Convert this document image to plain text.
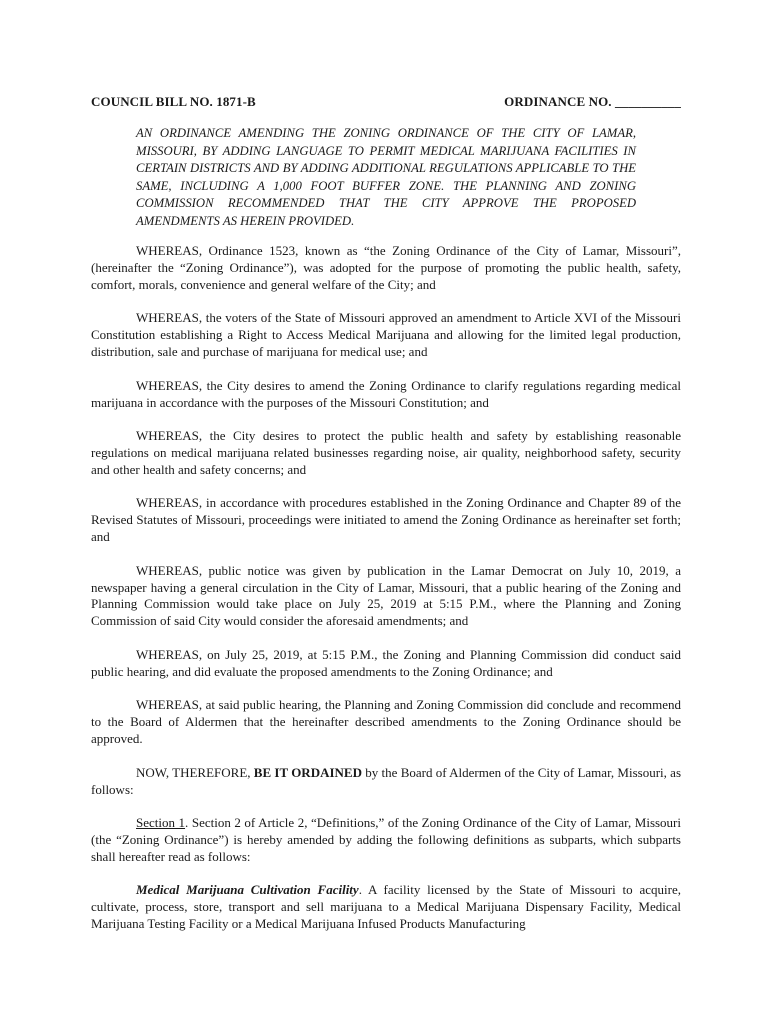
COUNCIL BILL NO. 1871-B	ORDINANCE NO. __________
AN ORDINANCE AMENDING THE ZONING ORDINANCE OF THE CITY OF LAMAR, MISSOURI, BY ADDING LANGUAGE TO PERMIT MEDICAL MARIJUANA FACILITIES IN CERTAIN DISTRICTS AND BY ADDING ADDITIONAL REGULATIONS APPLICABLE TO THE SAME, INCLUDING A 1,000 FOOT BUFFER ZONE. THE PLANNING AND ZONING COMMISSION RECOMMENDED THAT THE CITY APPROVE THE PROPOSED AMENDMENTS AS HEREIN PROVIDED.

WHEREAS, Ordinance 1523, known as “the Zoning Ordinance of the City of Lamar, Missouri”, (hereinafter the “Zoning Ordinance”), was adopted for the purpose of promoting the public health, safety, comfort, morals, convenience and general welfare of the City; and

WHEREAS, the voters of the State of Missouri approved an amendment to Article XVI of the Missouri Constitution establishing a Right to Access Medical Marijuana and allowing for the limited legal production, distribution, sale and purchase of marijuana for medical use; and

WHEREAS, the City desires to amend the Zoning Ordinance to clarify regulations regarding medical marijuana in accordance with the purposes of the Missouri Constitution; and

WHEREAS, the City desires to protect the public health and safety by establishing reasonable regulations on medical marijuana related businesses regarding noise, air quality, neighborhood safety, security and other health and safety concerns; and

WHEREAS, in accordance with procedures established in the Zoning Ordinance and Chapter 89 of the Revised Statutes of Missouri, proceedings were initiated to amend the Zoning Ordinance as hereinafter set forth; and

WHEREAS, public notice was given by publication in the Lamar Democrat on July 10, 2019, a newspaper having a general circulation in the City of Lamar, Missouri, that a public hearing of the Zoning and Planning Commission would take place on July 25, 2019 at 5:15 P.M., where the Planning and Zoning Commission of said City would consider the aforesaid amendments; and

WHEREAS, on July 25, 2019, at 5:15 P.M., the Zoning and Planning Commission did conduct said public hearing, and did evaluate the proposed amendments to the Zoning Ordinance; and

WHEREAS, at said public hearing, the Planning and Zoning Commission did conclude and recommend to the Board of Aldermen that the hereinafter described amendments to the Zoning Ordinance should be approved.

NOW, THEREFORE, BE IT ORDAINED by the Board of Aldermen of the City of Lamar, Missouri, as follows:

Section 1. Section 2 of Article 2, “Definitions,” of the Zoning Ordinance of the City of Lamar, Missouri (the “Zoning Ordinance”) is hereby amended by adding the following definitions as subparts, which subparts shall hereafter read as follows:

Medical Marijuana Cultivation Facility. A facility licensed by the State of Missouri to acquire, cultivate, process, store, transport and sell marijuana to a Medical Marijuana Dispensary Facility, Medical Marijuana Testing Facility or a Medical Marijuana Infused Products Manufacturing
